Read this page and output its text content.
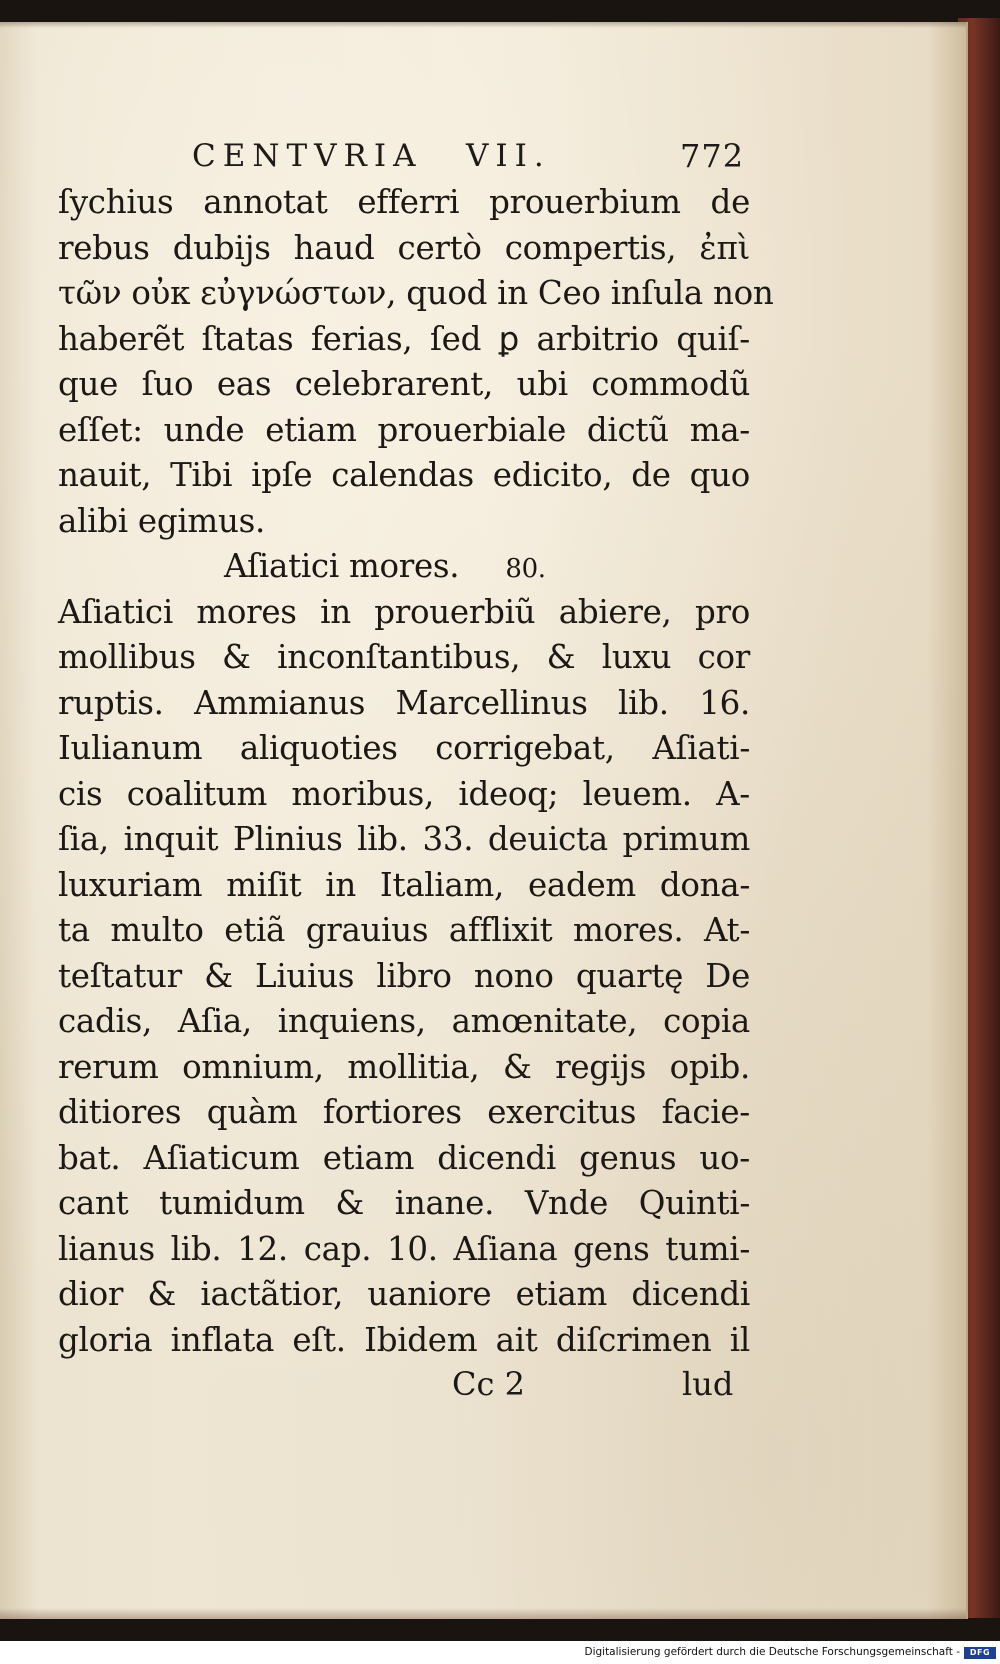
CENTVRIA VII.	772
ſychius annotat efferri prouerbium de
rebus dubijs haud certò compertis, ἐπὶ
τῶν οὐκ εὐγνώστων, quod in Ceo inſula non
haberẽt ſtatas ferias, ſed ꝑ arbitrio quiſ-
que ſuo eas celebrarent, ubi commodũ
eſſet: unde etiam prouerbiale dictũ ma-
nauit, Tibi ipſe calendas edicito, de quo
alibi egimus.
Aſiatici mores. 80.
Aſiatici mores in prouerbiũ abiere, pro
mollibus & inconſtantibus, & luxu cor
ruptis. Ammianus Marcellinus lib. 16.
Iulianum aliquoties corrigebat, Aſiati-
cis coalitum moribus, ideoq; leuem. A-
ſia, inquit Plinius lib. 33. deuicta primum
luxuriam miſit in Italiam, eadem dona-
ta multo etiã grauius afflixit mores. At-
teſtatur & Liuius libro nono quartę De
cadis, Aſia, inquiens, amœnitate, copia
rerum omnium, mollitia, & regijs opib.
ditiores quàm fortiores exercitus facie-
bat. Aſiaticum etiam dicendi genus uo-
cant tumidum & inane. Vnde Quinti-
lianus lib. 12. cap. 10. Aſiana gens tumi-
dior & iactãtior, uaniore etiam dicendi
gloria inflata eſt. Ibidem ait diſcrimen il
Cc 2	lud
Digitalisierung gefördert durch die Deutsche Forschungsgemeinschaft -	DFG
